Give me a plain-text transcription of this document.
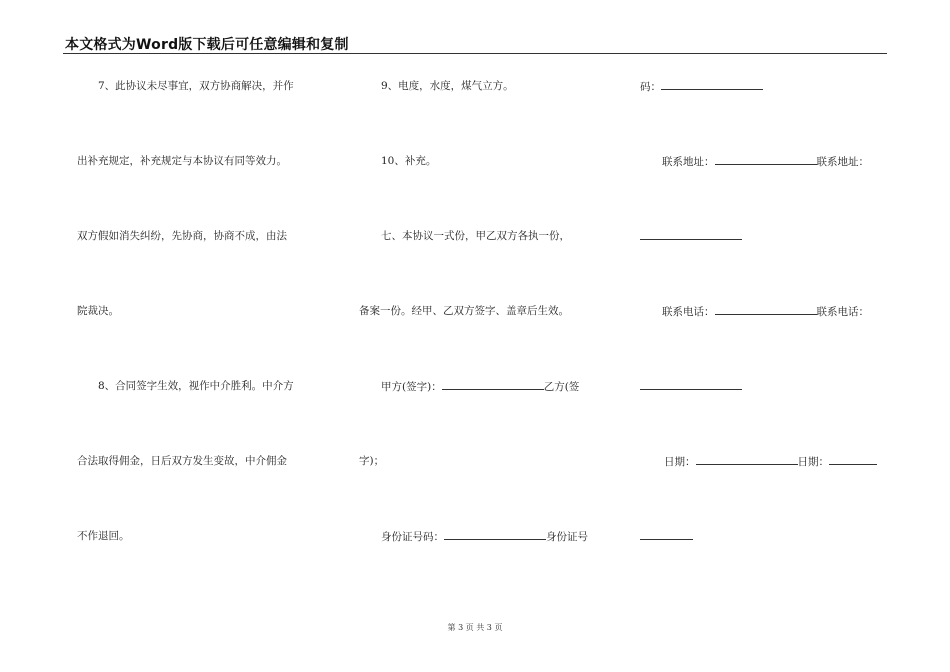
本文格式为Word版下载后可任意编辑和复制
7、此协议未尽事宜，双方协商解决，并作
出补充规定，补充规定与本协议有同等效力。
双方假如消失纠纷，先协商，协商不成，由法
院裁决。
8、合同签字生效，视作中介胜利。中介方
合法取得佣金，日后双方发生变故，中介佣金
不作退回。
9、电度，水度，煤气立方。
10、补充。
七、本协议一式份，甲乙双方各执一份，
备案一份。经甲、乙双方签字、盖章后生效。
甲方(签字)：	乙方(签
字)；
身份证号码：	身份证号
码：
联系地址：	联系地址：
联系电话：	联系电话：
日期：	日期：
第 3 页 共 3 页
